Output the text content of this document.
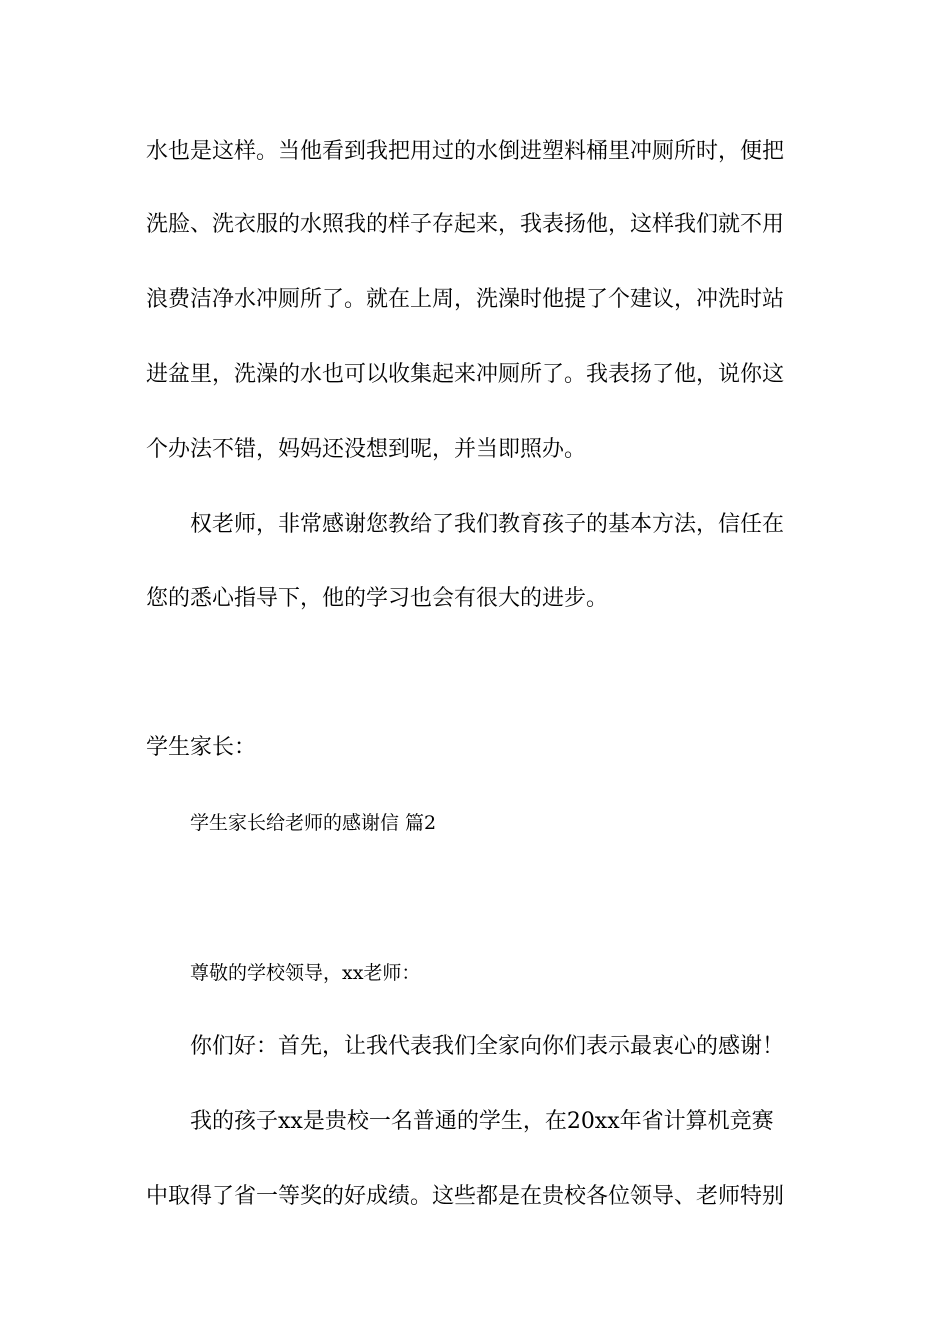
水也是这样。当他看到我把用过的水倒进塑料桶里冲厕所时，便把
洗脸、洗衣服的水照我的样子存起来，我表扬他，这样我们就不用
浪费洁净水冲厕所了。就在上周，洗澡时他提了个建议，冲洗时站
进盆里，洗澡的水也可以收集起来冲厕所了。我表扬了他，说你这
个办法不错，妈妈还没想到呢，并当即照办。
权老师，非常感谢您教给了我们教育孩子的基本方法，信任在
您的悉心指导下，他的学习也会有很大的进步。
学生家长：
学生家长给老师的感谢信 篇2
尊敬的学校领导，xx老师：
你们好：首先，让我代表我们全家向你们表示最衷心的感谢！
我的孩子xx是贵校一名普通的学生，在20xx年省计算机竞赛
中取得了省一等奖的好成绩。这些都是在贵校各位领导、老师特别
